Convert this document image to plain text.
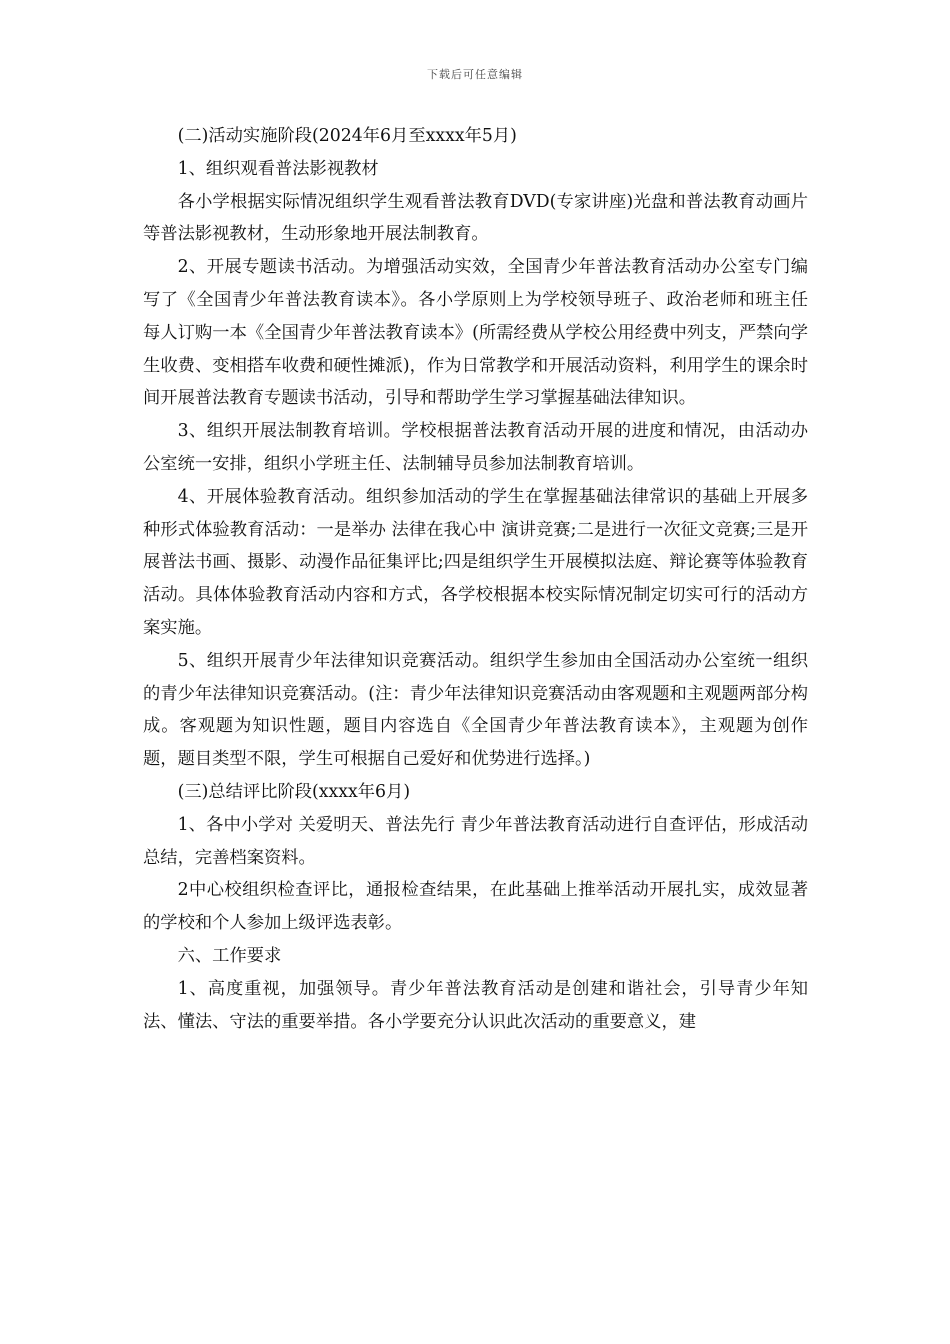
下载后可任意编辑

(二)活动实施阶段(2024年6月至xxxx年5月)

1、组织观看普法影视教材

各小学根据实际情况组织学生观看普法教育DVD(专家讲座)光盘和普法教育动画片等普法影视教材，生动形象地开展法制教育。

2、开展专题读书活动。为增强活动实效，全国青少年普法教育活动办公室专门编写了《全国青少年普法教育读本》。各小学原则上为学校领导班子、政治老师和班主任每人订购一本《全国青少年普法教育读本》(所需经费从学校公用经费中列支，严禁向学生收费、变相搭车收费和硬性摊派)，作为日常教学和开展活动资料，利用学生的课余时间开展普法教育专题读书活动，引导和帮助学生学习掌握基础法律知识。

3、组织开展法制教育培训。学校根据普法教育活动开展的进度和情况，由活动办公室统一安排，组织小学班主任、法制辅导员参加法制教育培训。

4、开展体验教育活动。组织参加活动的学生在掌握基础法律常识的基础上开展多种形式体验教育活动：一是举办 法律在我心中 演讲竞赛;二是进行一次征文竞赛;三是开展普法书画、摄影、动漫作品征集评比;四是组织学生开展模拟法庭、辩论赛等体验教育活动。具体体验教育活动内容和方式，各学校根据本校实际情况制定切实可行的活动方案实施。

5、组织开展青少年法律知识竞赛活动。组织学生参加由全国活动办公室统一组织的青少年法律知识竞赛活动。(注：青少年法律知识竞赛活动由客观题和主观题两部分构成。客观题为知识性题，题目内容选自《全国青少年普法教育读本》，主观题为创作题，题目类型不限，学生可根据自己爱好和优势进行选择。)

(三)总结评比阶段(xxxx年6月)

1、各中小学对 关爱明天、普法先行 青少年普法教育活动进行自查评估，形成活动总结，完善档案资料。

2中心校组织检查评比，通报检查结果，在此基础上推举活动开展扎实，成效显著的学校和个人参加上级评选表彰。

六、工作要求

1、高度重视，加强领导。青少年普法教育活动是创建和谐社会，引导青少年知法、懂法、守法的重要举措。各小学要充分认识此次活动的重要意义，建
